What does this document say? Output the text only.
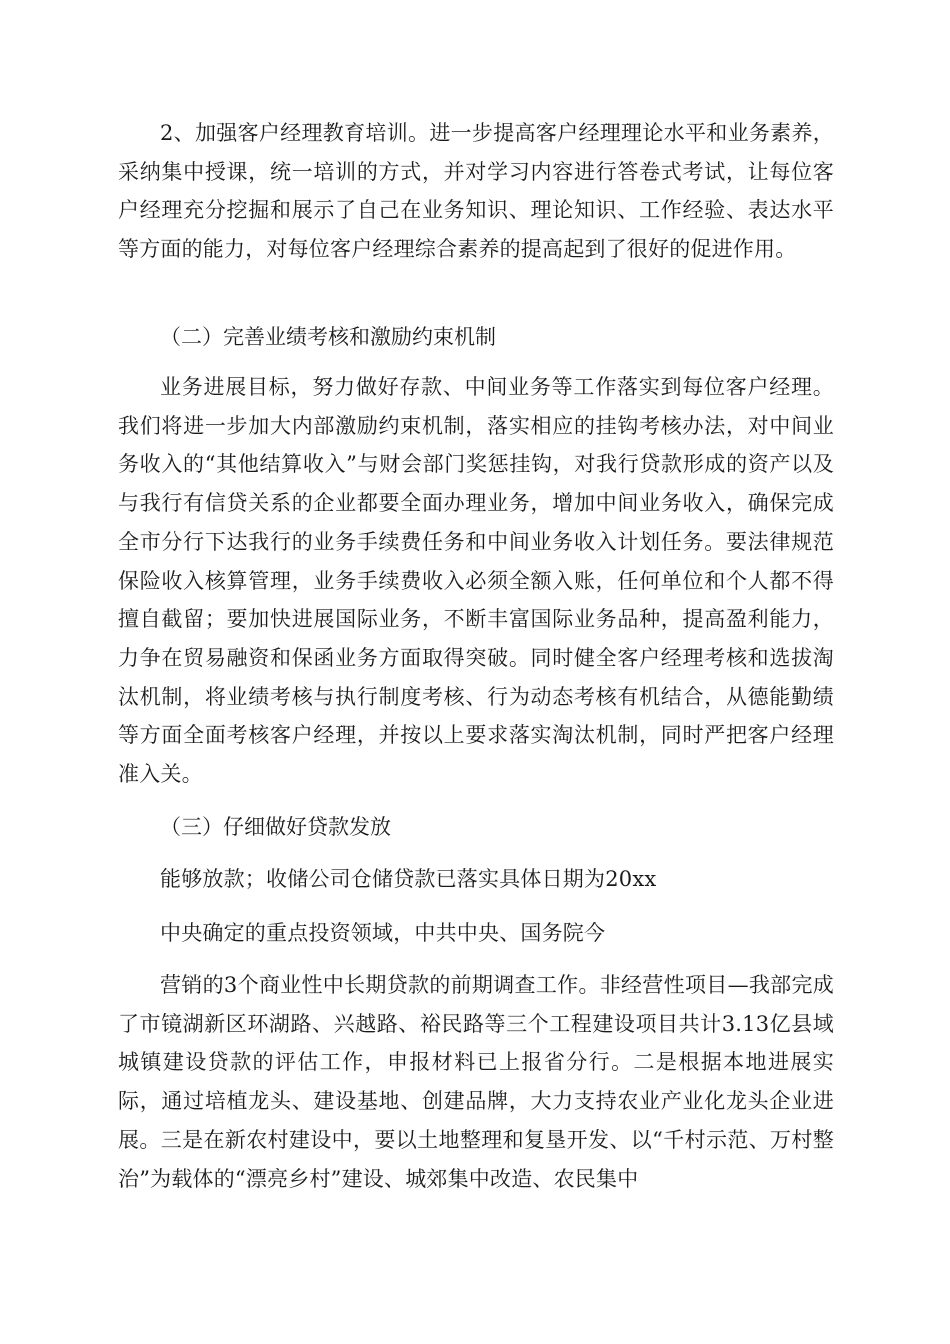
2、加强客户经理教育培训。进一步提高客户经理理论水平和业务素养，采纳集中授课，统一培训的方式，并对学习内容进行答卷式考试，让每位客户经理充分挖掘和展示了自己在业务知识、理论知识、工作经验、表达水平等方面的能力，对每位客户经理综合素养的提高起到了很好的促进作用。

（二）完善业绩考核和激励约束机制

业务进展目标，努力做好存款、中间业务等工作落实到每位客户经理。我们将进一步加大内部激励约束机制，落实相应的挂钩考核办法，对中间业务收入的“其他结算收入”与财会部门奖惩挂钩，对我行贷款形成的资产以及与我行有信贷关系的企业都要全面办理业务，增加中间业务收入，确保完成全市分行下达我行的业务手续费任务和中间业务收入计划任务。要法律规范保险收入核算管理，业务手续费收入必须全额入账，任何单位和个人都不得擅自截留；要加快进展国际业务，不断丰富国际业务品种，提高盈利能力，力争在贸易融资和保函业务方面取得突破。同时健全客户经理考核和选拔淘汰机制，将业绩考核与执行制度考核、行为动态考核有机结合，从德能勤绩等方面全面考核客户经理，并按以上要求落实淘汰机制，同时严把客户经理准入关。

（三）仔细做好贷款发放

能够放款；收储公司仓储贷款已落实具体日期为20xx

中央确定的重点投资领域，中共中央、国务院今

营销的3个商业性中长期贷款的前期调查工作。非经营性项目—我部完成了市镜湖新区环湖路、兴越路、裕民路等三个工程建设项目共计3.13亿县域城镇建设贷款的评估工作，申报材料已上报省分行。二是根据本地进展实际，通过培植龙头、建设基地、创建品牌，大力支持农业产业化龙头企业进展。三是在新农村建设中，要以土地整理和复垦开发、以“千村示范、万村整治”为载体的“漂亮乡村”建设、城郊集中改造、农民集中
